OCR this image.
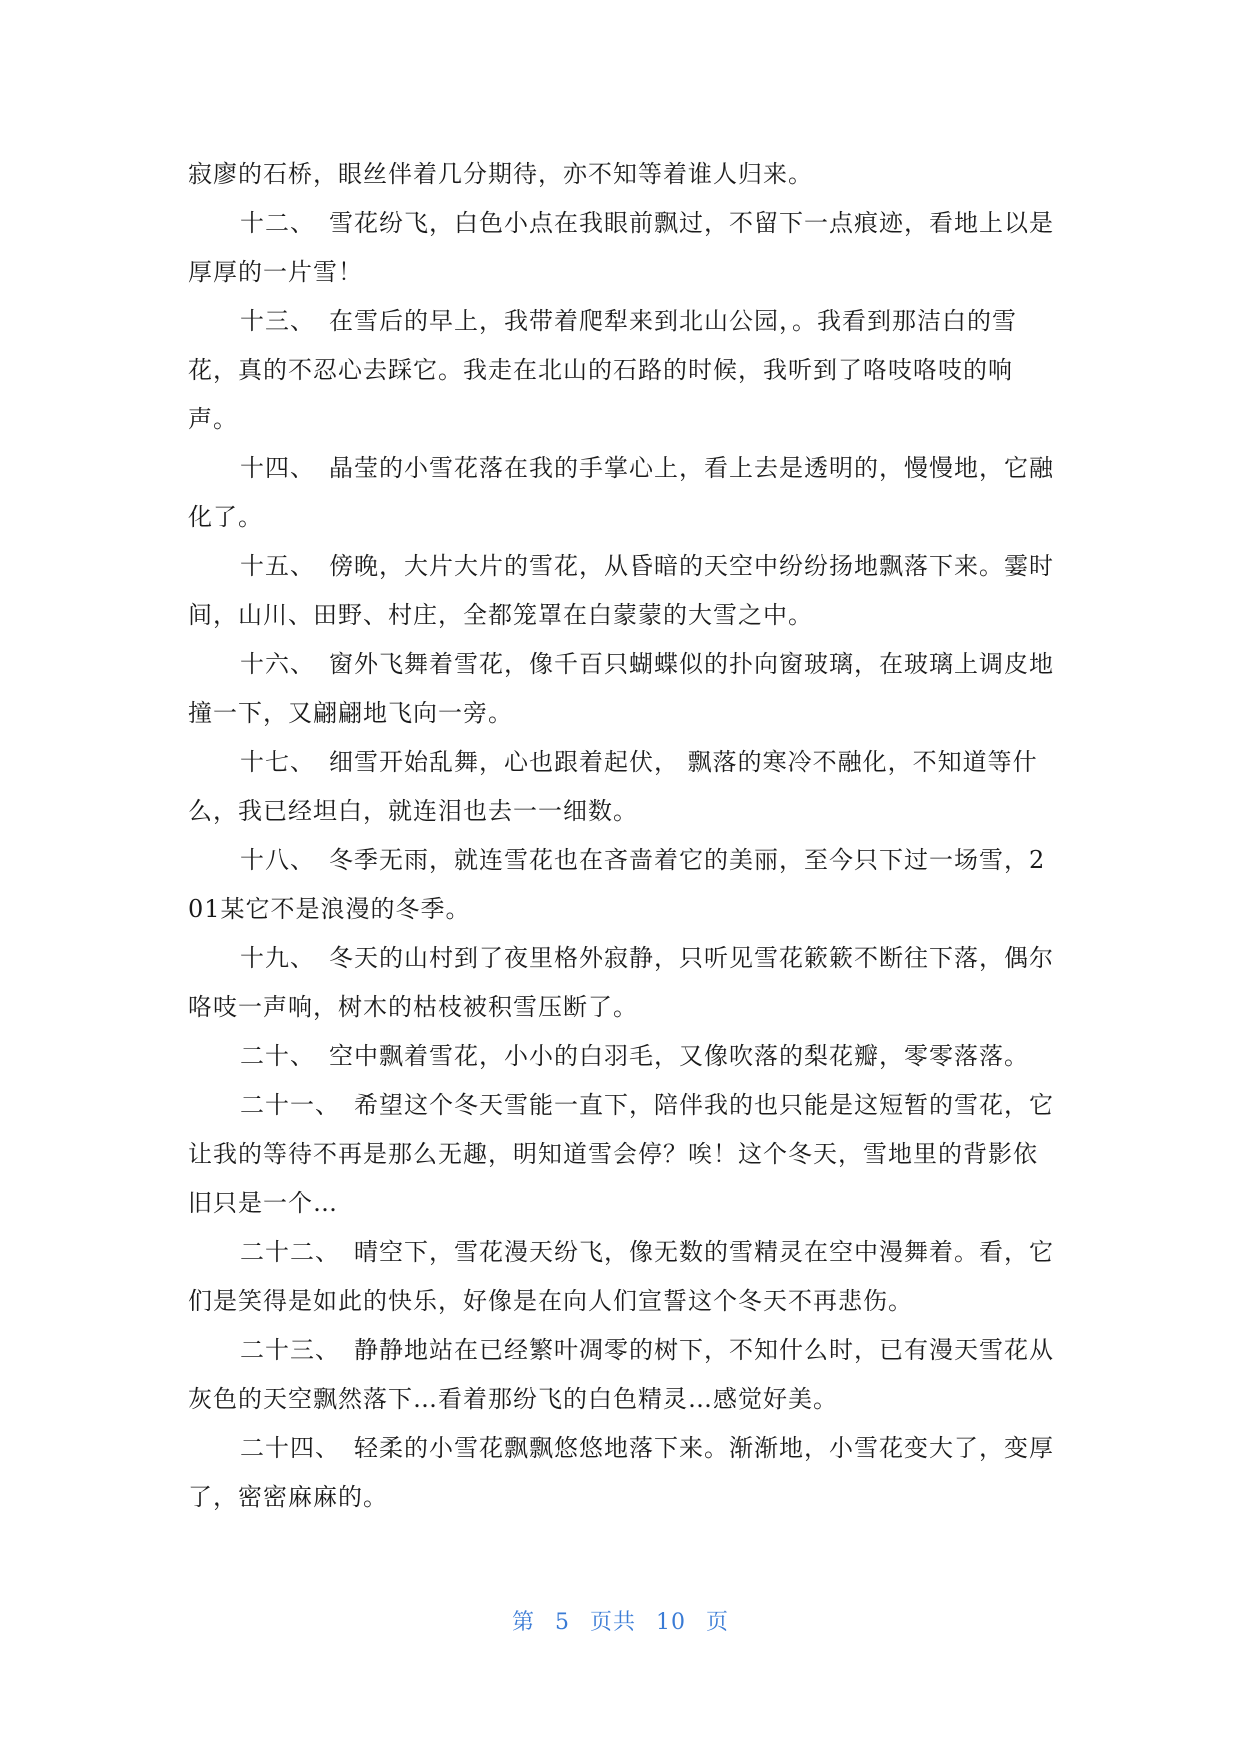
寂廖的石桥，眼丝伴着几分期待，亦不知等着谁人归来。

十二、 雪花纷飞，白色小点在我眼前飘过，不留下一点痕迹，看地上以是厚厚的一片雪！

十三、 在雪后的早上，我带着爬犁来到北山公园，。我看到那洁白的雪花，真的不忍心去踩它。我走在北山的石路的时候，我听到了咯吱咯吱的响声。

十四、 晶莹的小雪花落在我的手掌心上，看上去是透明的，慢慢地，它融化了。

十五、 傍晚，大片大片的雪花，从昏暗的天空中纷纷扬地飘落下来。霎时间，山川、田野、村庄，全都笼罩在白蒙蒙的大雪之中。

十六、 窗外飞舞着雪花，像千百只蝴蝶似的扑向窗玻璃，在玻璃上调皮地撞一下，又翩翩地飞向一旁。

十七、 细雪开始乱舞，心也跟着起伏， 飘落的寒冷不融化，不知道等什么，我已经坦白，就连泪也去一一细数。

十八、 冬季无雨，就连雪花也在吝啬着它的美丽，至今只下过一场雪，201某它不是浪漫的冬季。

十九、 冬天的山村到了夜里格外寂静，只听见雪花簌簌不断往下落，偶尔咯吱一声响，树木的枯枝被积雪压断了。

二十、 空中飘着雪花，小小的白羽毛，又像吹落的梨花瓣，零零落落。

二十一、 希望这个冬天雪能一直下，陪伴我的也只能是这短暂的雪花，它让我的等待不再是那么无趣，明知道雪会停？唉！这个冬天，雪地里的背影依旧只是一个…

二十二、 晴空下，雪花漫天纷飞，像无数的雪精灵在空中漫舞着。看，它们是笑得是如此的快乐，好像是在向人们宣誓这个冬天不再悲伤。

二十三、 静静地站在已经繁叶凋零的树下，不知什么时，已有漫天雪花从灰色的天空飘然落下…看着那纷飞的白色精灵…感觉好美。

二十四、 轻柔的小雪花飘飘悠悠地落下来。渐渐地，小雪花变大了，变厚了，密密麻麻的。

第 5 页共 10 页
